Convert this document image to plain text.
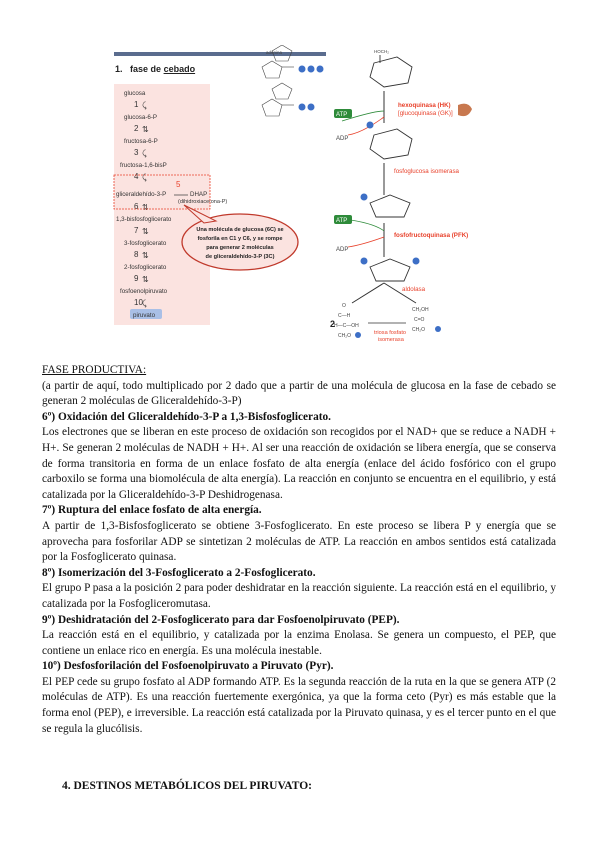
glucosa
1 ⤹
glucosa-6-P
2 ⇅
fructosa-6-P
3 ⤹
fructosa-1,6-bisP
4 ⤹
gliceraldehído-3-P
5
DHAP
(dihidroxiacetona-P)
6 ⇅
1,3-bisfosfoglicerato
7 ⇅
3-fosfoglicerato
8 ⇅
2-fosfoglicerato
9 ⇅
fosfoenolpiruvato
10 ⤹
piruvato
Una molécula de glucosa (6C) se
fosforila en C1 y C6, y se rompe
para generar 2 moléculas
de gliceraldehído-3-P (3C)
adenina	HOCH₂
ATP
ADP
hexoquinasa (HK)
[glucoquinasa (GK)]
fosfoglucosa isomerasa
ATP
ADP
fosfofructoquinasa (PFK)
aldolasa
O
C—H
H—C—OH
CH₂O
CH₂OH
C=O
CH₂O
triosa fosfato
isomerasa
2
1. fase de cebado

FASE PRODUCTIVA:

(a partir de aquí, todo multiplicado por 2 dado que a partir de una molécula de glucosa en la fase de cebado se generan 2 moléculas de Gliceraldehído-3-P)

6º) Oxidación del Gliceraldehído-3-P a 1,3-Bisfosfoglicerato.

Los electrones que se liberan en este proceso de oxidación son recogidos por el NAD+ que se reduce a NADH + H+. Se generan 2 moléculas de NADH + H+. Al ser una reacción de oxidación se libera energía, que se conserva de forma transitoria en forma de un enlace fosfato de alta energía (enlace del ácido fosfórico con el grupo carboxilo se forma una biomolécula de alta energía). La reacción en conjunto se encuentra en el equilibrio, y está catalizada por la Gliceraldehído-3-P Deshidrogenasa.

7º) Ruptura del enlace fosfato de alta energía.

A partir de 1,3-Bisfosfoglicerato se obtiene 3-Fosfoglicerato. En este proceso se libera P y energía que se aprovecha para fosforilar ADP se sintetizan 2 moléculas de ATP. La reacción en ambos sentidos está catalizada por la Fosfoglicerato quinasa.

8º) Isomerización del 3-Fosfoglicerato a 2-Fosfoglicerato.

El grupo P pasa a la posición 2 para poder deshidratar en la reacción siguiente. La reacción está en el equilibrio, y catalizada por la Fosfogliceromutasa.

9º) Deshidratación del 2-Fosfoglicerato para dar Fosfoenolpiruvato (PEP).

La reacción está en el equilibrio, y catalizada por la enzima Enolasa. Se genera un compuesto, el PEP, que contiene un enlace rico en energía. Es una molécula inestable.

10º) Desfosforilación del Fosfoenolpiruvato a Piruvato (Pyr).

El PEP cede su grupo fosfato al ADP formando ATP. Es la segunda reacción de la ruta en la que se genera ATP (2 moléculas de ATP). Es una reacción fuertemente exergónica, ya que la forma ceto (Pyr) es más estable que la forma enol (PEP), e irreversible. La reacción está catalizada por la Piruvato quinasa, y es el tercer punto en el que se regula la glucólisis.

4. DESTINOS METABÓLICOS DEL PIRUVATO:
